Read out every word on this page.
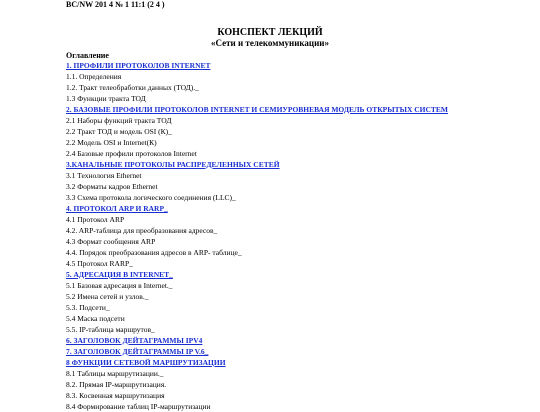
BC/NW 201 4 № 1 11:1 (2 4 )
КОНСПЕКТ ЛЕКЦИЙ
«Сети и телекоммуникации»
Оглавление
1. ПРОФИЛИ ПРОТОКОЛОВ INTERNET
1.1. Определения
1.2. Тракт телеобработки данных (ТОД)._
1.3 Функции тракта ТОД
2. БАЗОВЫЕ ПРОФИЛИ ПРОТОКОЛОВ INTERNET И СЕМИУРОВНЕВАЯ МОДЕЛЬ ОТКРЫТЫХ СИСТЕМ
2.1 Наборы функций тракта ТОД
2.2 Тракт ТОД и модель OSI (К)_
2.2 Модель OSI и Internet(К)
2.4 Базовые профили протоколов Internet
3.КАНАЛЬНЫЕ ПРОТОКОЛЫ РАСПРЕДЕЛЕННЫХ СЕТЕЙ
3.1 Технология Ethernet
3.2 Форматы кадров Ethernet
3.3 Схема протокола логического соединения (LLC)_
4. ПРОТОКОЛ ARP И RARP_
4.1 Протокол ARP
4.2. ARP-таблица для преобразования адресов_
4.3 Формат сообщения ARP
4.4. Порядок преобразования адресов в ARP- таблице_
4.5 Протокол RARP_
5. АДРЕСАЦИЯ В INTERNET_
5.1 Базовая адресация в Internet._
5.2 Имена сетей и узлов._
5.3. Подсети_
5.4 Маска подсети
5.5. IP-таблица маршрутов_
6. ЗАГОЛОВОК ДЕЙТАГРАММЫ IPV4
7. ЗАГОЛОВОК ДЕЙТАГРАММЫ IP V.6_
8 ФУНКЦИИ СЕТЕВОЙ МАРШРУТИЗАЦИИ
8.1 Таблицы маршрутизации._
8.2. Прямая IP-маршрутизация.
8.3. Косвенная маршрутизация
8.4 Формирование таблиц IP-маршрутизации
